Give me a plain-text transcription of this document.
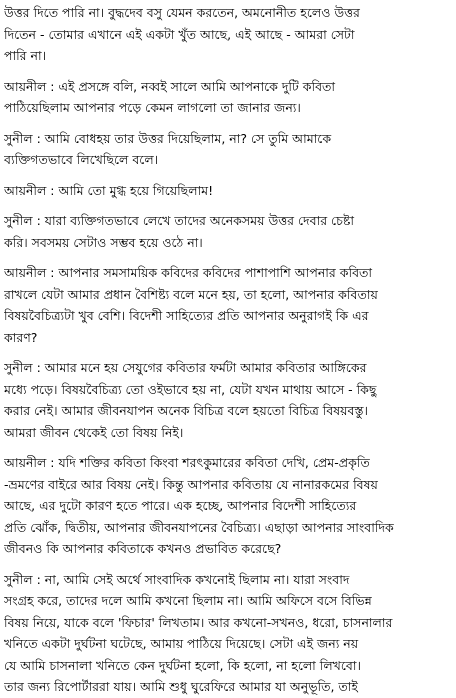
উত্তর দিতে পারি না। বুদ্ধদেব বসু যেমন করতেন, অমনোনীত হলেও উত্তর
দিতেন - তোমার এখানে এই একটা খুঁত আছে, এই আছে - আমরা সেটা
পারি না।
আয়নীল : এই প্রসঙ্গে বলি, নব্বই সালে আমি আপনাকে দুটি কবিতা
পাঠিয়েছিলাম আপনার পড়ে কেমন লাগলো তা জানার জন্য।
সুনীল : আমি বোধহয় তার উত্তর দিয়েছিলাম, না? সে তুমি আমাকে
ব্যক্তিগতভাবে লিখেছিলে বলে।
আয়নীল : আমি তো মুগ্ধ হয়ে গিয়েছিলাম!
সুনীল : যারা ব্যক্তিগতভাবে লেখে তাদের অনেকসময় উত্তর দেবার চেষ্টা
করি। সবসময় সেটাও সম্ভব হয়ে ওঠে না।
আয়নীল : আপনার সমসাময়িক কবিদের কবিদের পাশাপাশি আপনার কবিতা
রাখলে যেটা আমার প্রধান বৈশিষ্ট্য বলে মনে হয়, তা হলো, আপনার কবিতায়
বিষয়বৈচিত্র্যটা খুব বেশি। বিদেশী সাহিত্যের প্রতি আপনার অনুরাগই কি এর
কারণ?
সুনীল : আমার মনে হয় সেযুগের কবিতার ফর্মটা আমার কবিতার আঙ্গিকের
মধ্যে পড়ে। বিষয়বৈচিত্র্য তো ওইভাবে হয় না, যেটা যখন মাথায় আসে - কিছু
করার নেই। আমার জীবনযাপন অনেক বিচিত্র বলে হয়তো বিচিত্র বিষয়বস্তু।
আমরা জীবন থেকেই তো বিষয় নিই।
আয়নীল : যদি শক্তির কবিতা কিংবা শরৎকুমারের কবিতা দেখি, প্রেম-প্রকৃতি
-ভ্রমণের বাইরে আর বিষয় নেই। কিন্তু আপনার কবিতায় যে নানারকমের বিষয়
আছে, এর দুটো কারণ হতে পারে। এক হচ্ছে, আপনার বিদেশী সাহিত্যের
প্রতি ঝোঁক, দ্বিতীয়, আপনার জীবনযাপনের বৈচিত্র্য। এছাড়া আপনার সাংবাদিক
জীবনও কি আপনার কবিতাকে কখনও প্রভাবিত করেছে?
সুনীল : না, আমি সেই অর্থে সাংবাদিক কখনোই ছিলাম না। যারা সংবাদ
সংগ্রহ করে, তাদের দলে আমি কখনো ছিলাম না। আমি অফিসে বসে বিভিন্ন
বিষয় নিয়ে, যাকে বলে 'ফিচার' লিখতাম। আর কখনো-সখনও, ধরো, চাসনালার
খনিতে একটা দুর্ঘটনা ঘটেছে, আমায় পাঠিয়ে দিয়েছে। সেটা এই জন্য নয়
যে আমি চাসনালা খনিতে কেন দুর্ঘটনা হলো, কি হলো, না হলো লিখবো।
তার জন্য রিপোর্টাররা যায়। আমি শুধু ঘুরেফিরে আমার যা অনুভূতি, তাই
